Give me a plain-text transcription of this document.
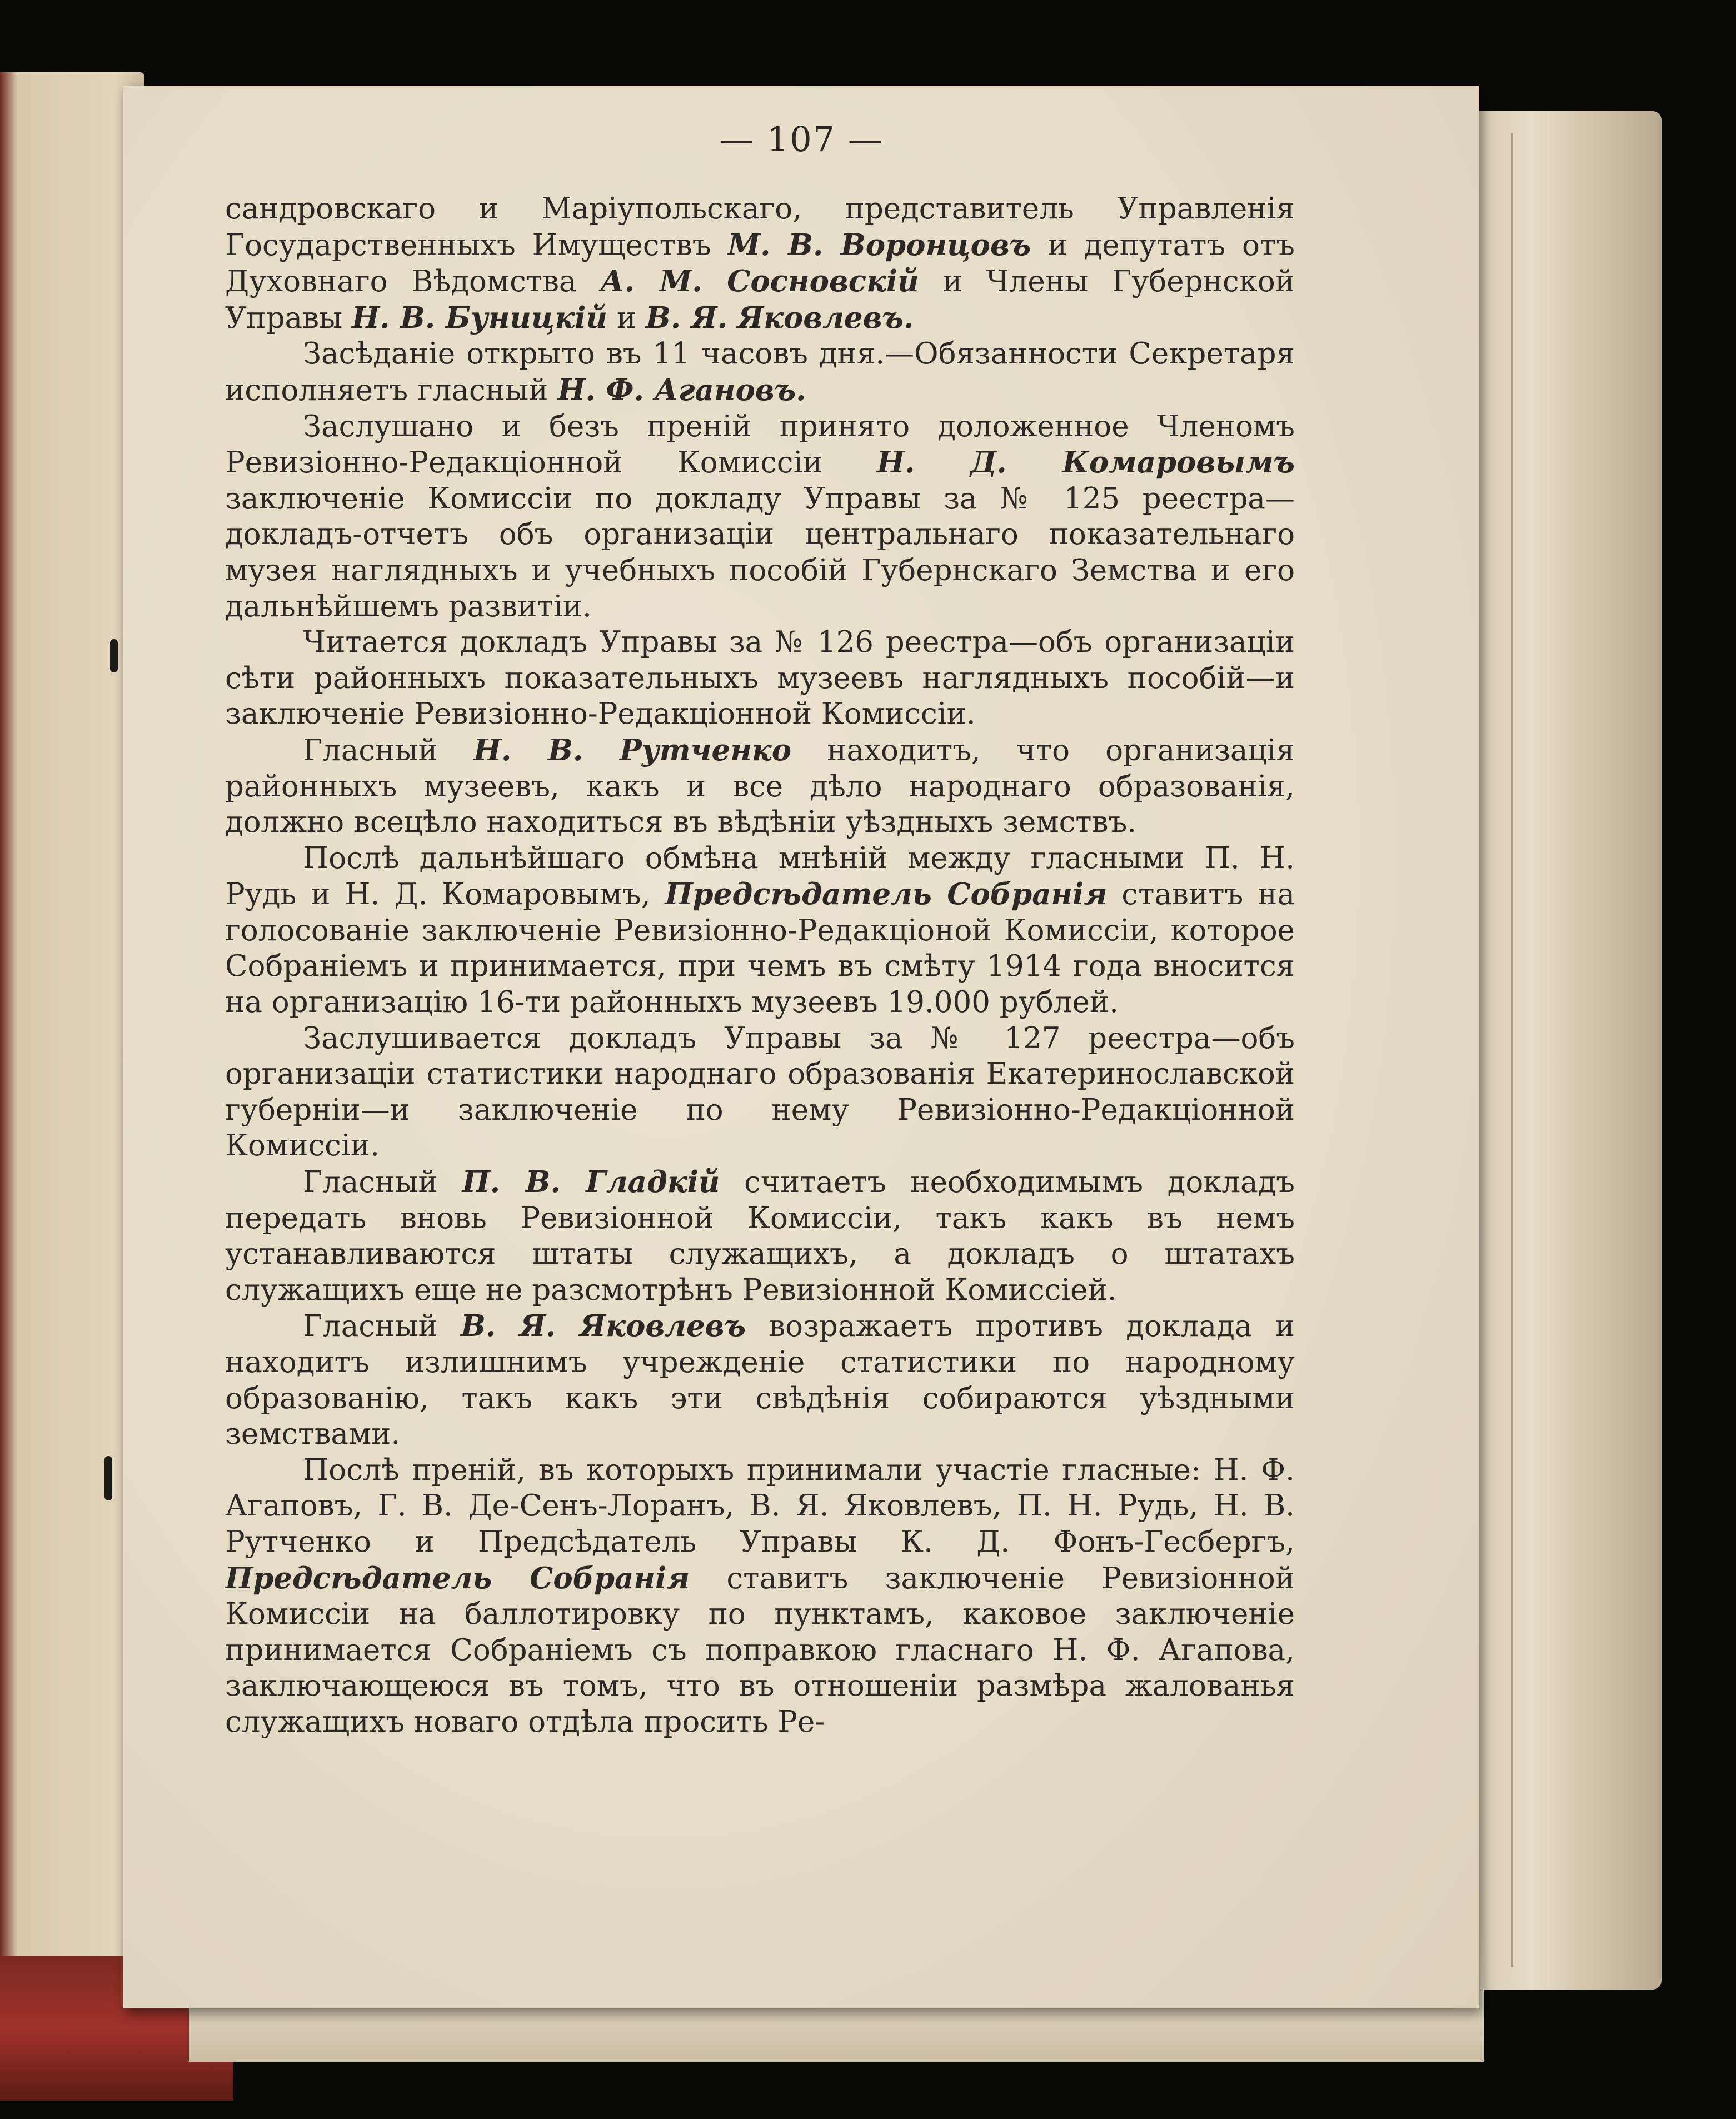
— 107 —

сандровскаго и Маріупольскаго, представитель Управленія Государственныхъ Имуществъ М. В. Воронцовъ и депутатъ отъ Духовнаго Вѣдомства А. М. Сосновскій и Члены Губернской Управы Н. В. Буницкій и В. Я. Яковлевъ.

Засѣданіе открыто въ 11 часовъ дня.—Обязанности Секретаря исполняетъ гласный Н. Ф. Агановъ.

Заслушано и безъ преній принято доложенное Членомъ Ревизіонно-Редакціонной Комиссіи Н. Д. Комаровымъ заключеніе Комиссіи по докладу Управы за № 125 реестра—докладъ-отчетъ объ организаціи центральнаго показательнаго музея наглядныхъ и учебныхъ пособій Губернскаго Земства и его дальнѣйшемъ развитіи.

Читается докладъ Управы за № 126 реестра—объ организаціи сѣти районныхъ показательныхъ музеевъ наглядныхъ пособій—и заключеніе Ревизіонно-Редакціонной Комиссіи.

Гласный Н. В. Рутченко находитъ, что организація районныхъ музеевъ, какъ и все дѣло народнаго образованія, должно всецѣло находиться въ вѣдѣніи уѣздныхъ земствъ.

Послѣ дальнѣйшаго обмѣна мнѣній между гласными П. Н. Рудь и Н. Д. Комаровымъ, Предсѣдатель Собранія ставитъ на голосованіе заключеніе Ревизіонно-Редакціоной Комиссіи, которое Собраніемъ и принимается, при чемъ въ смѣту 1914 года вносится на организацію 16-ти районныхъ музеевъ 19.000 рублей.

Заслушивается докладъ Управы за № 127 реестра—объ организаціи статистики народнаго образованія Екатеринославской губерніи—и заключеніе по нему Ревизіонно-Редакціонной Комиссіи.

Гласный П. В. Гладкій считаетъ необходимымъ докладъ передать вновь Ревизіонной Комиссіи, такъ какъ въ немъ устанавливаются штаты служащихъ, а докладъ о штатахъ служащихъ еще не разсмотрѣнъ Ревизіонной Комиссіей.

Гласный В. Я. Яковлевъ возражаетъ противъ доклада и находитъ излишнимъ учрежденіе статистики по народному образованію, такъ какъ эти свѣдѣнія собираются уѣздными земствами.

Послѣ преній, въ которыхъ принимали участіе гласные: Н. Ф. Агаповъ, Г. В. Де-Сенъ-Лоранъ, В. Я. Яковлевъ, П. Н. Рудь, Н. В. Рутченко и Предсѣдатель Управы К. Д. Фонъ-Гесбергъ, Предсѣдатель Собранія ставитъ заключеніе Ревизіонной Комиссіи на баллотировку по пунктамъ, каковое заключеніе принимается Собраніемъ съ поправкою гласнаго Н. Ф. Агапова, заключающеюся въ томъ, что въ отношеніи размѣра жалованья служащихъ новаго отдѣла просить Ре-
